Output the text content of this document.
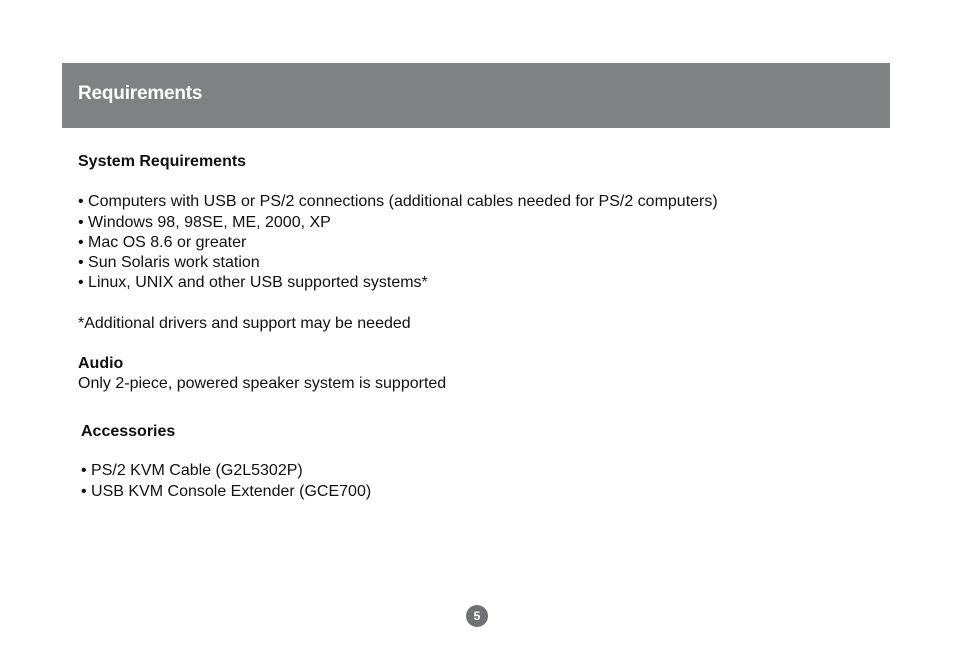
Requirements
System Requirements
• Computers with USB or PS/2 connections (additional cables needed for PS/2 computers)
• Windows 98, 98SE, ME, 2000, XP
• Mac OS 8.6 or greater
• Sun Solaris work station
• Linux, UNIX and other USB supported systems*
*Additional drivers and support may be needed
Audio
Only 2-piece, powered speaker system is supported
Accessories
• PS/2 KVM Cable (G2L5302P)
• USB KVM Console Extender (GCE700)
5
